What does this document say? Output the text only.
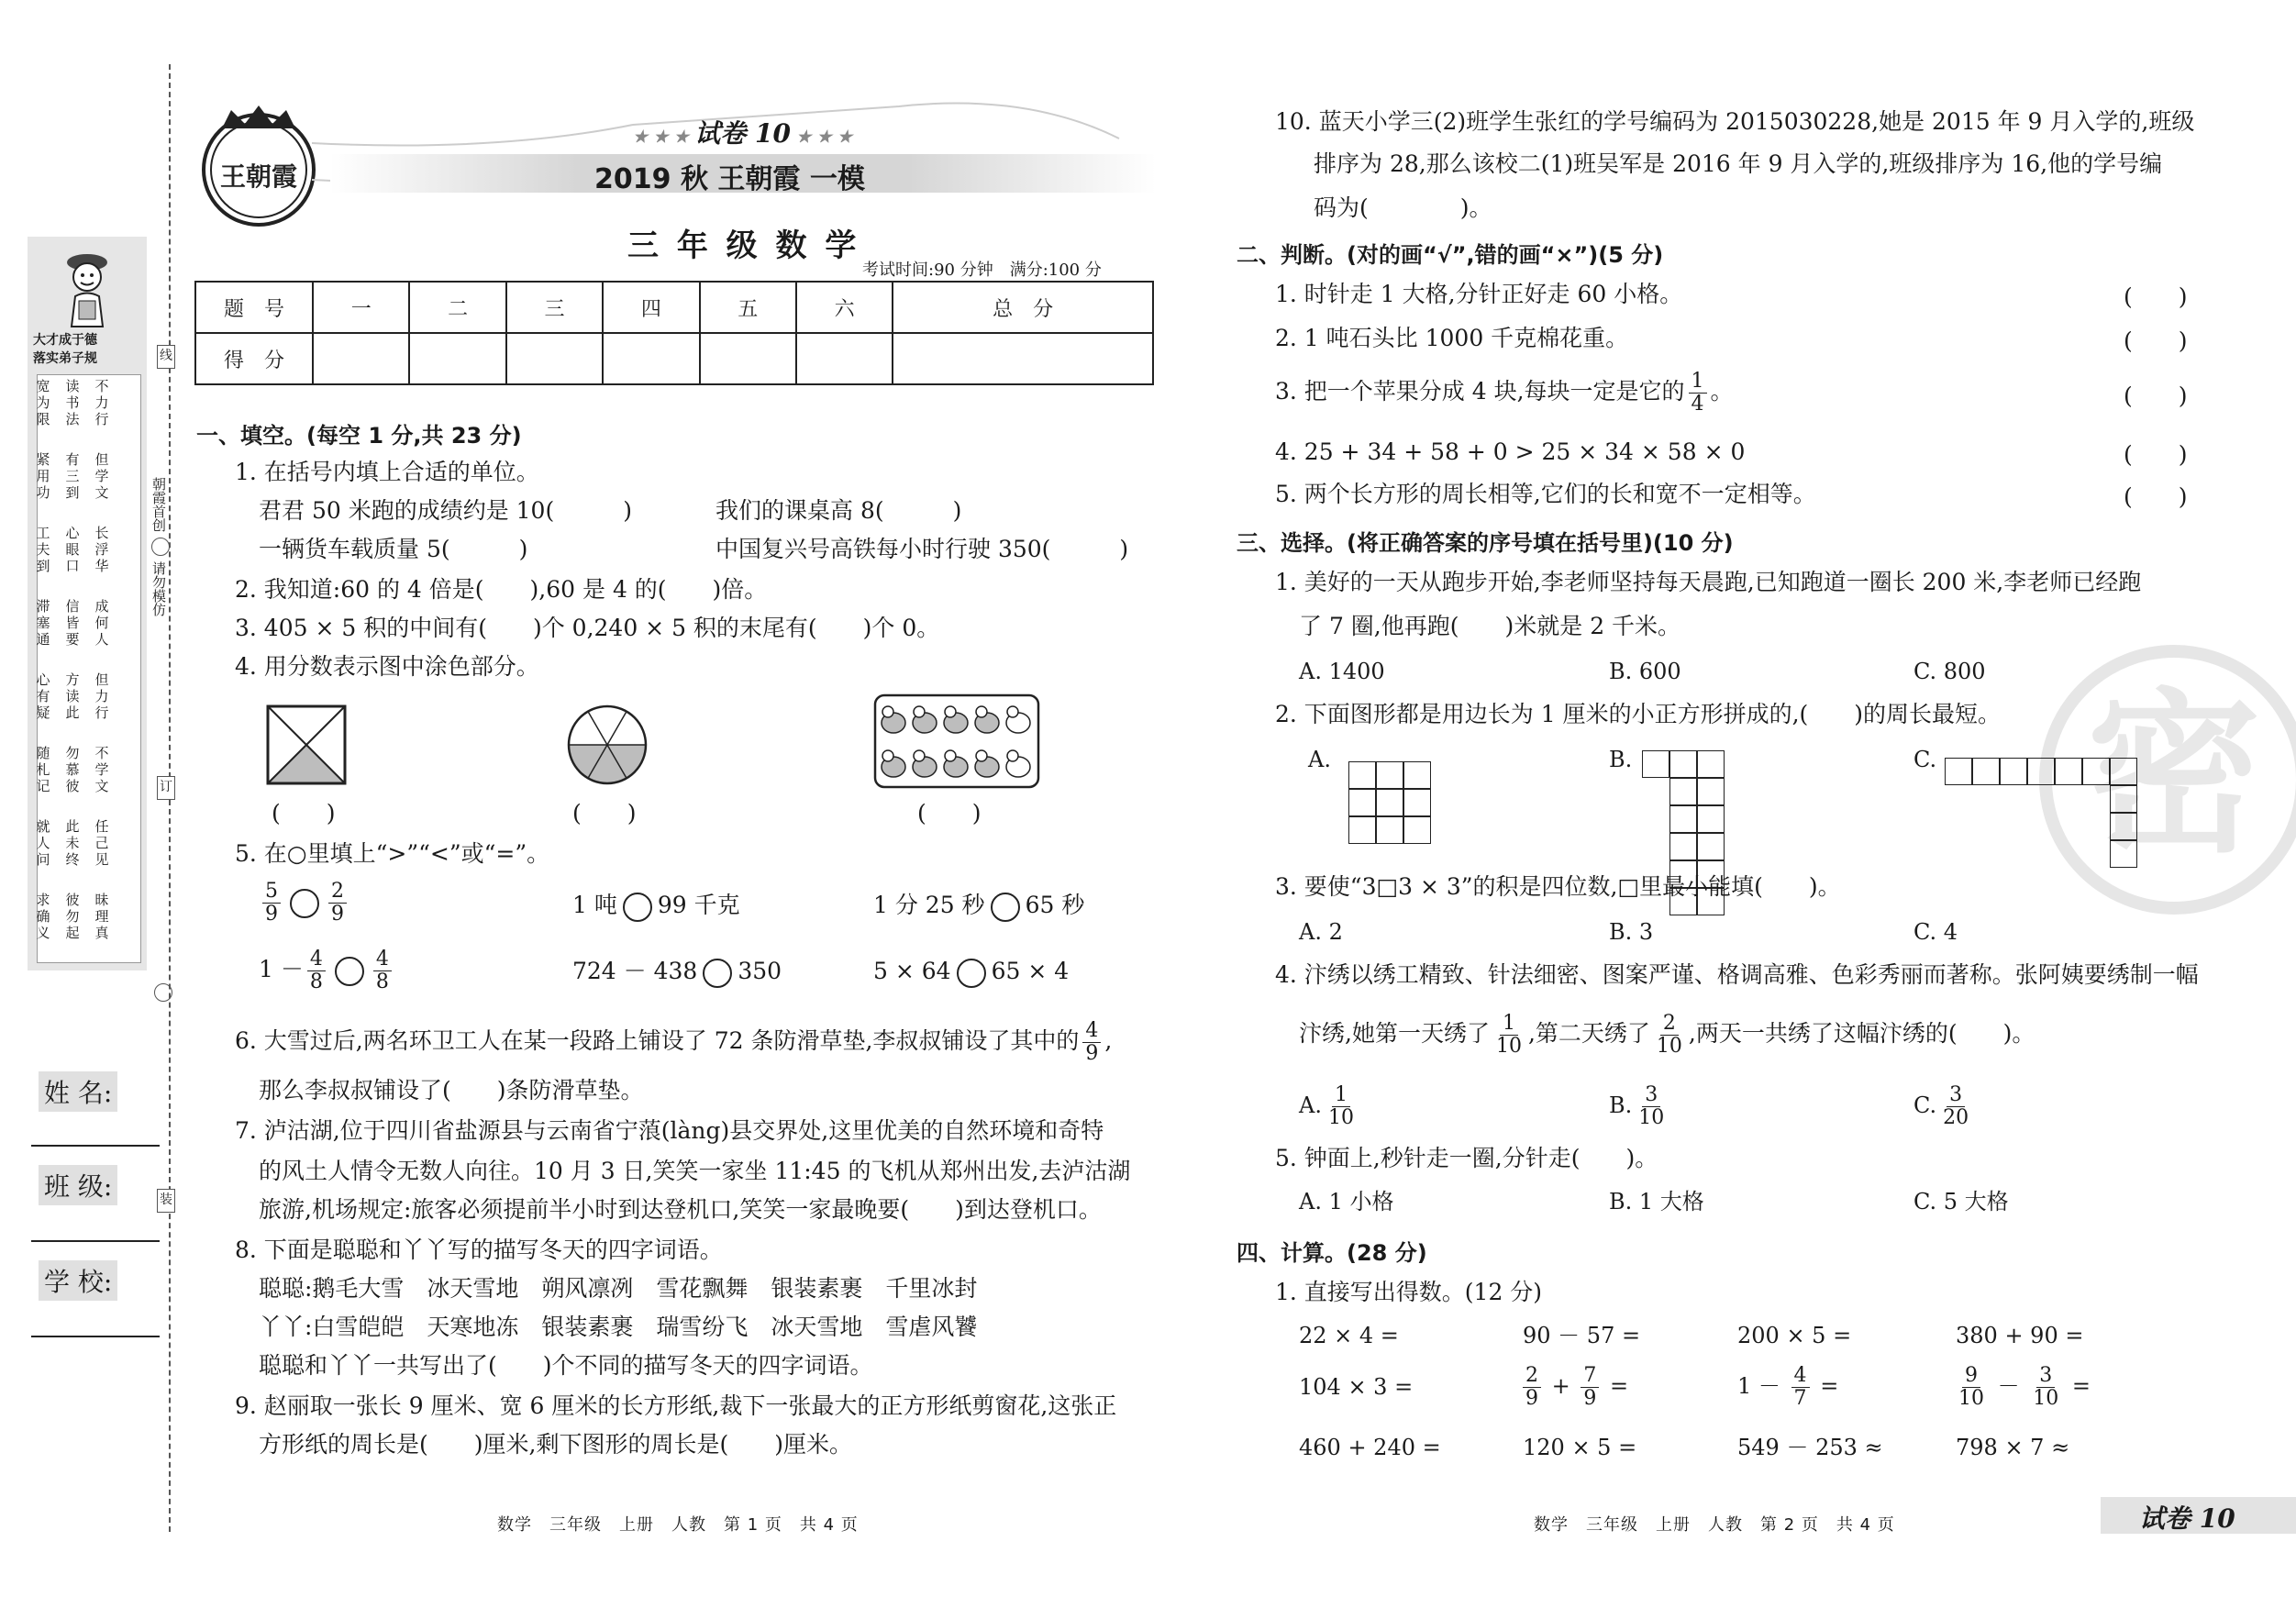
大才成于德
落实弟子规
宽为限
紧用功
工夫到
滞塞通
心有疑
随札记
就人问
求确义
读书法
有三到
心眼口
信皆要
方读此
勿慕彼
此未终
彼勿起
不力行
但学文
长浮华
成何人
但力行
不学文
任己见
昧理真
朝霞首创
请勿模仿
线
订
装
姓 名:
班 级:
学 校:
王朝霞
★ ★ ★ 试卷 10 ★ ★ ★
2019 秋 王朝霞 一模
三 年 级 数 学
考试时间:90 分钟　满分:100 分
题　号	一	二	三	四	五	六	总　分
得　分							
一、填空。(每空 1 分,共 23 分)
1. 在括号内填上合适的单位。
君君 50 米跑的成绩约是 10(　　　)	我们的课桌高 8(　　　)
一辆货车载质量 5(　　　)	中国复兴号高铁每小时行驶 350(　　　)
2. 我知道:60 的 4 倍是(　　),60 是 4 的(　　)倍。
3. 405 × 5 积的中间有(　　)个 0,240 × 5 积的末尾有(　　)个 0。
4. 用分数表示图中涂色部分。
(　　)	(　　)	(　　)
5. 在○里填上“>”“<”或“=”。
$\frac{5}{9} \frac{2}{9}$	1 吨 99 千克	1 分 25 秒 65 秒
$1 - \frac{4}{8} \frac{4}{8}$	724 － 438 350	5 × 64 65 × 4
6. 大雪过后,两名环卫工人在某一段路上铺设了 72 条防滑草垫,李叔叔铺设了其中的 $\frac{4}{9}$ ,
那么李叔叔铺设了(　　)条防滑草垫。
7. 泸沽湖,位于四川省盐源县与云南省宁蒗(làng)县交界处,这里优美的自然环境和奇特
的风土人情令无数人向往。10 月 3 日,笑笑一家坐 11:45 的飞机从郑州出发,去泸沽湖
旅游,机场规定:旅客必须提前半小时到达登机口,笑笑一家最晚要(　　)到达登机口。
8. 下面是聪聪和丫丫写的描写冬天的四字词语。
聪聪:鹅毛大雪　冰天雪地　朔风凛冽　雪花飘舞　银装素裹　千里冰封
丫丫:白雪皑皑　天寒地冻　银装素裹　瑞雪纷飞　冰天雪地　雪虐风饕
聪聪和丫丫一共写出了(　　)个不同的描写冬天的四字词语。
9. 赵丽取一张长 9 厘米、宽 6 厘米的长方形纸,裁下一张最大的正方形纸剪窗花,这张正
方形纸的周长是(　　)厘米,剩下图形的周长是(　　)厘米。
数学　三年级　上册　人教　第 1 页　共 4 页
密
10. 蓝天小学三(2)班学生张红的学号编码为 2015030228,她是 2015 年 9 月入学的,班级
排序为 28,那么该校二(1)班吴军是 2016 年 9 月入学的,班级排序为 16,他的学号编
码为(　　　　)。
二、判断。(对的画“√”,错的画“×”)(5 分)
1. 时针走 1 大格,分针正好走 60 小格。	(　　)
2. 1 吨石头比 1000 千克棉花重。	(　　)
3. 把一个苹果分成 4 块,每块一定是它的 $\frac{1}{4}$ 。	(　　)
4. 25 + 34 + 58 + 0 > 25 × 34 × 58 × 0	(　　)
5. 两个长方形的周长相等,它们的长和宽不一定相等。	(　　)
三、选择。(将正确答案的序号填在括号里)(10 分)
1. 美好的一天从跑步开始,李老师坚持每天晨跑,已知跑道一圈长 200 米,李老师已经跑
了 7 圈,他再跑(　　)米就是 2 千米。
A. 1400	B. 600	C. 800
2. 下面图形都是用边长为 1 厘米的小正方形拼成的,(　　)的周长最短。
A.	B.	C.
3. 要使“3□3 × 3”的积是四位数,□里最小能填(　　)。
A. 2	B. 3	C. 4
4. 汴绣以绣工精致、针法细密、图案严谨、格调高雅、色彩秀丽而著称。张阿姨要绣制一幅
汴绣,她第一天绣了 $\frac{1}{10}$ ,第二天绣了 $\frac{2}{10}$ ,两天一共绣了这幅汴绣的(　　)。
A. $\frac{1}{10}$	B. $\frac{3}{10}$	C. $\frac{3}{20}$
5. 钟面上,秒针走一圈,分针走(　　)。
A. 1 小格	B. 1 大格	C. 5 大格
四、计算。(28 分)
1. 直接写出得数。(12 分)
22 × 4 =	90 － 57 =	200 × 5 =	380 + 90 =
104 × 3 =	$\frac{2}{9} + \frac{7}{9}$ =	$1 - \frac{4}{7}$ =	$\frac{9}{10} - \frac{3}{10}$ =
460 + 240 =	120 × 5 =	549 － 253 ≈	798 × 7 ≈
数学　三年级　上册　人教　第 2 页　共 4 页	试卷 10
